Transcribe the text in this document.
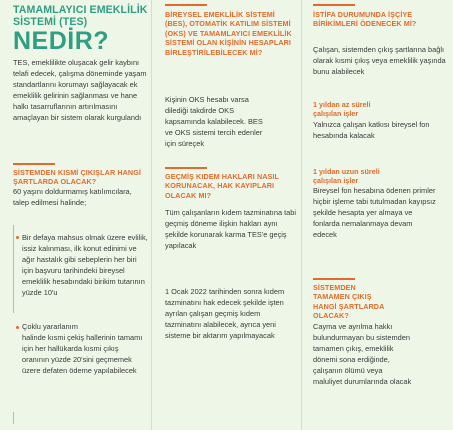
TAMAMLAYICI EMEKLİLİK SİSTEMİ (TES)
NEDİR?
TES, emeklilikte oluşacak gelir kaybını telafi edecek, çalışma döneminde yaşam standartlarını korumayı sağlayacak ek emeklilik gelirinin sağlanması ve hane halkı tasarruflarının artırılmasını amaçlayan bir sistem olarak kurgulandı
SİSTEMDEN KISMİ ÇIKIŞLAR HANGİ ŞARTLARDA OLACAK?
60 yaşını doldurmamış katılımcılara, talep edilmesi halinde;
Bir defaya mahsus olmak üzere evlilik, issiz kalınması, ilk konut edinimi ve ağır hastalık gibi sebeplerin her biri için başvuru tarihindeki bireysel emeklilik hesabındaki birikim tutarının yüzde 10'u
Çoklu yararlanım
halinde kısmi çekiş hallerinin tamamı için her hallükarda kısmi çıkış oranının yüzde 20'sini geçmemek üzere defaten ödeme yapılabilecek
BİREYSEL EMEKLİLİK SİSTEMİ (BES), OTOMATİK KATILIM SİSTEMİ (OKS) VE TAMAMLAYICI EMEKLİLİK SİSTEMİ OLAN KİŞİNİN HESAPLARI BİRLEŞTİRİLEBİLECEK Mİ?
Kişinin OKS hesabı varsa dilediği takdirde OKS kapsamında kalabilecek. BES ve OKS sistemi tercih edenler için süreçek
GEÇMİŞ KIDEM HAKLARI NASIL KORUNACAK, HAK KAYIPLARI OLACAK MI?
Tüm çalışanların kıdem tazminatına tabi geçmiş döneme ilişkin hakları aynı şekilde korunarak karma TES'e geçiş yapılacak
1 Ocak 2022 tarihinden sonra kıdem tazminatını hak edecek şekilde işten ayrılan çalışan geçmiş kıdem tazminatını alabilecek, ayrıca yeni sisteme bir aktarım yapılmayacak
İSTİFA DURUMUNDA İŞÇİYE BİRİKİMLERİ ÖDENECEK Mİ?
Çalışan, sistemden çıkış şartlarına bağlı olarak kısmi çıkış veya emeklilik yaşında bunu alabilecek
1 yıldan az süreli çalışılan işler
Yalnızca çalışan katkısı bireysel fon hesabında kalacak
1 yıldan uzun süreli çalışılan işler
Bireysel fon hesabına ödenen primler hiçbir işleme tabi tutulmadan kayıpsız şekilde hesapta yer almaya ve fonlarda nemalanmaya devam edecek
SİSTEMDEN TAMAMEN ÇIKIŞ HANGİ ŞARTLARDA OLACAK?
Cayma ve ayrılma hakkı bulundurmayan bu sistemden tamamen çıkış, emeklilik dönemi sona erdiğinde, çalışanın ölümü veya maluliyet durumlarında olacak
